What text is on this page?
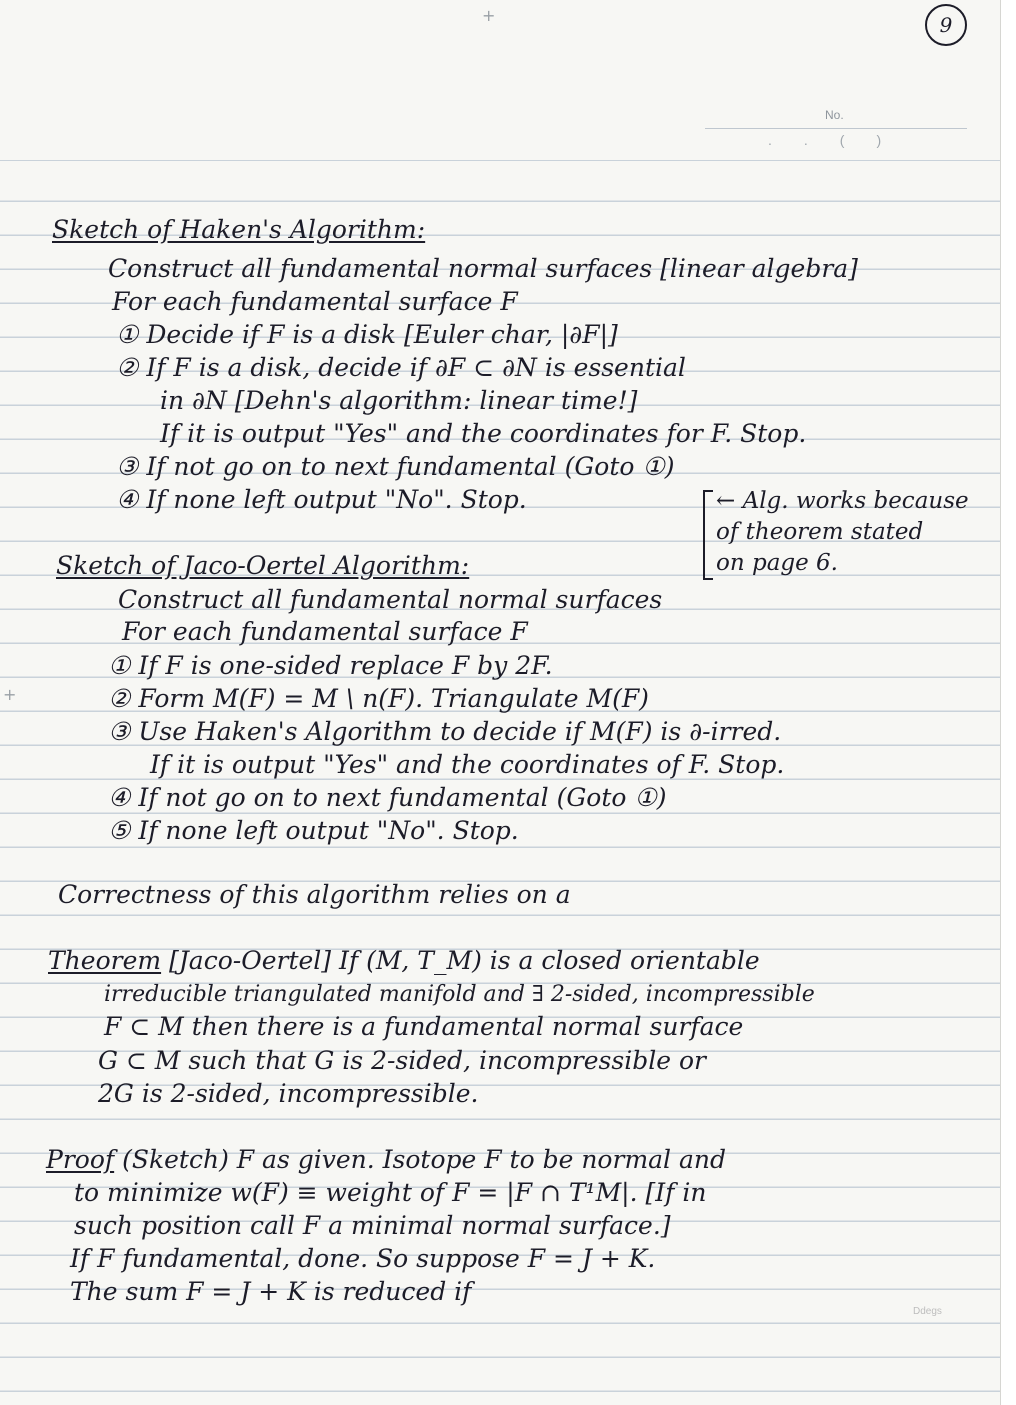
+
+
9
No.
. . ( )
Sketch of Haken's Algorithm:
Construct all fundamental normal surfaces [linear algebra]
For each fundamental surface F
① Decide if F is a disk [Euler char, |∂F|]
② If F is a disk, decide if ∂F ⊂ ∂N is essential
in ∂N [Dehn's algorithm: linear time!]
If it is output "Yes" and the coordinates for F. Stop.
③ If not go on to next fundamental (Goto ①)
④ If none left output "No". Stop.	← Alg. works because
of theorem stated
on page 6.
Sketch of Jaco-Oertel Algorithm:
Construct all fundamental normal surfaces
For each fundamental surface F
① If F is one-sided replace F by 2F.
② Form M(F) = M \ n(F). Triangulate M(F)
③ Use Haken's Algorithm to decide if M(F) is ∂-irred.
If it is output "Yes" and the coordinates of F. Stop.
④ If not go on to next fundamental (Goto ①)
⑤ If none left output "No". Stop.
Correctness of this algorithm relies on a
Theorem [Jaco-Oertel] If (M, T_M) is a closed orientable
irreducible triangulated manifold and ∃ 2-sided, incompressible
F ⊂ M then there is a fundamental normal surface
G ⊂ M such that G is 2-sided, incompressible or
2G is 2-sided, incompressible.
Proof (Sketch) F as given. Isotope F to be normal and
to minimize w(F) ≡ weight of F = |F ∩ T¹M|. [If in
such position call F a minimal normal surface.]
If F fundamental, done. So suppose F = J + K.
The sum F = J + K is reduced if
Ddegs
